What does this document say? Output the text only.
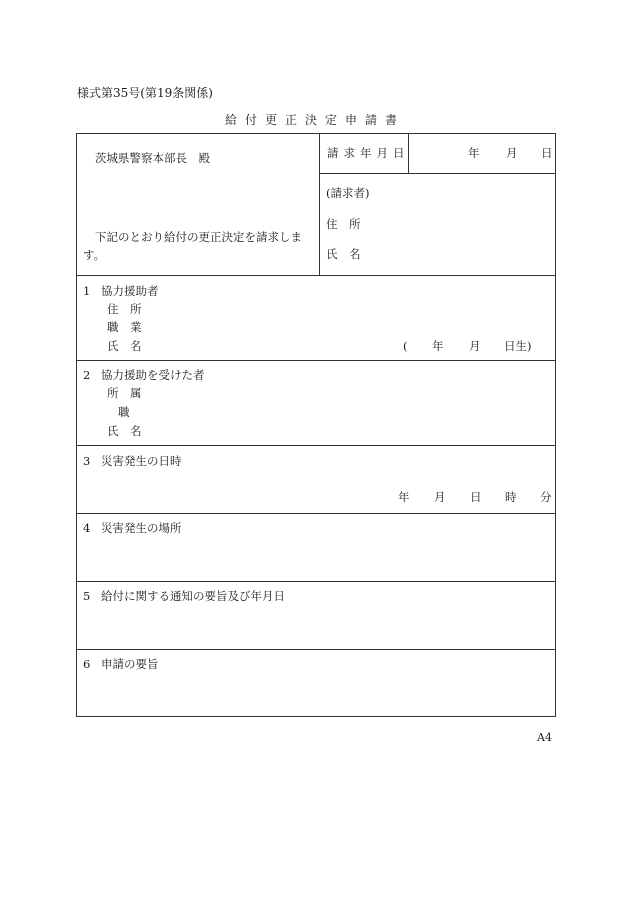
様式第35号(第19条関係)
給付更正決定申請書
茨城県警察本部長　殿
下記のとおり給付の更正決定を請求します。
請求年月日	年 月 日
(請求者)
住　所
氏　名
1 協力援助者
住　所
職　業
氏　名	( 年 月 日生)
2 協力援助を受けた者
所　属
職
氏　名
3 災害発生の日時
年 月 日 時 分
4 災害発生の場所
5 給付に関する通知の要旨及び年月日
6 申請の要旨
A4
